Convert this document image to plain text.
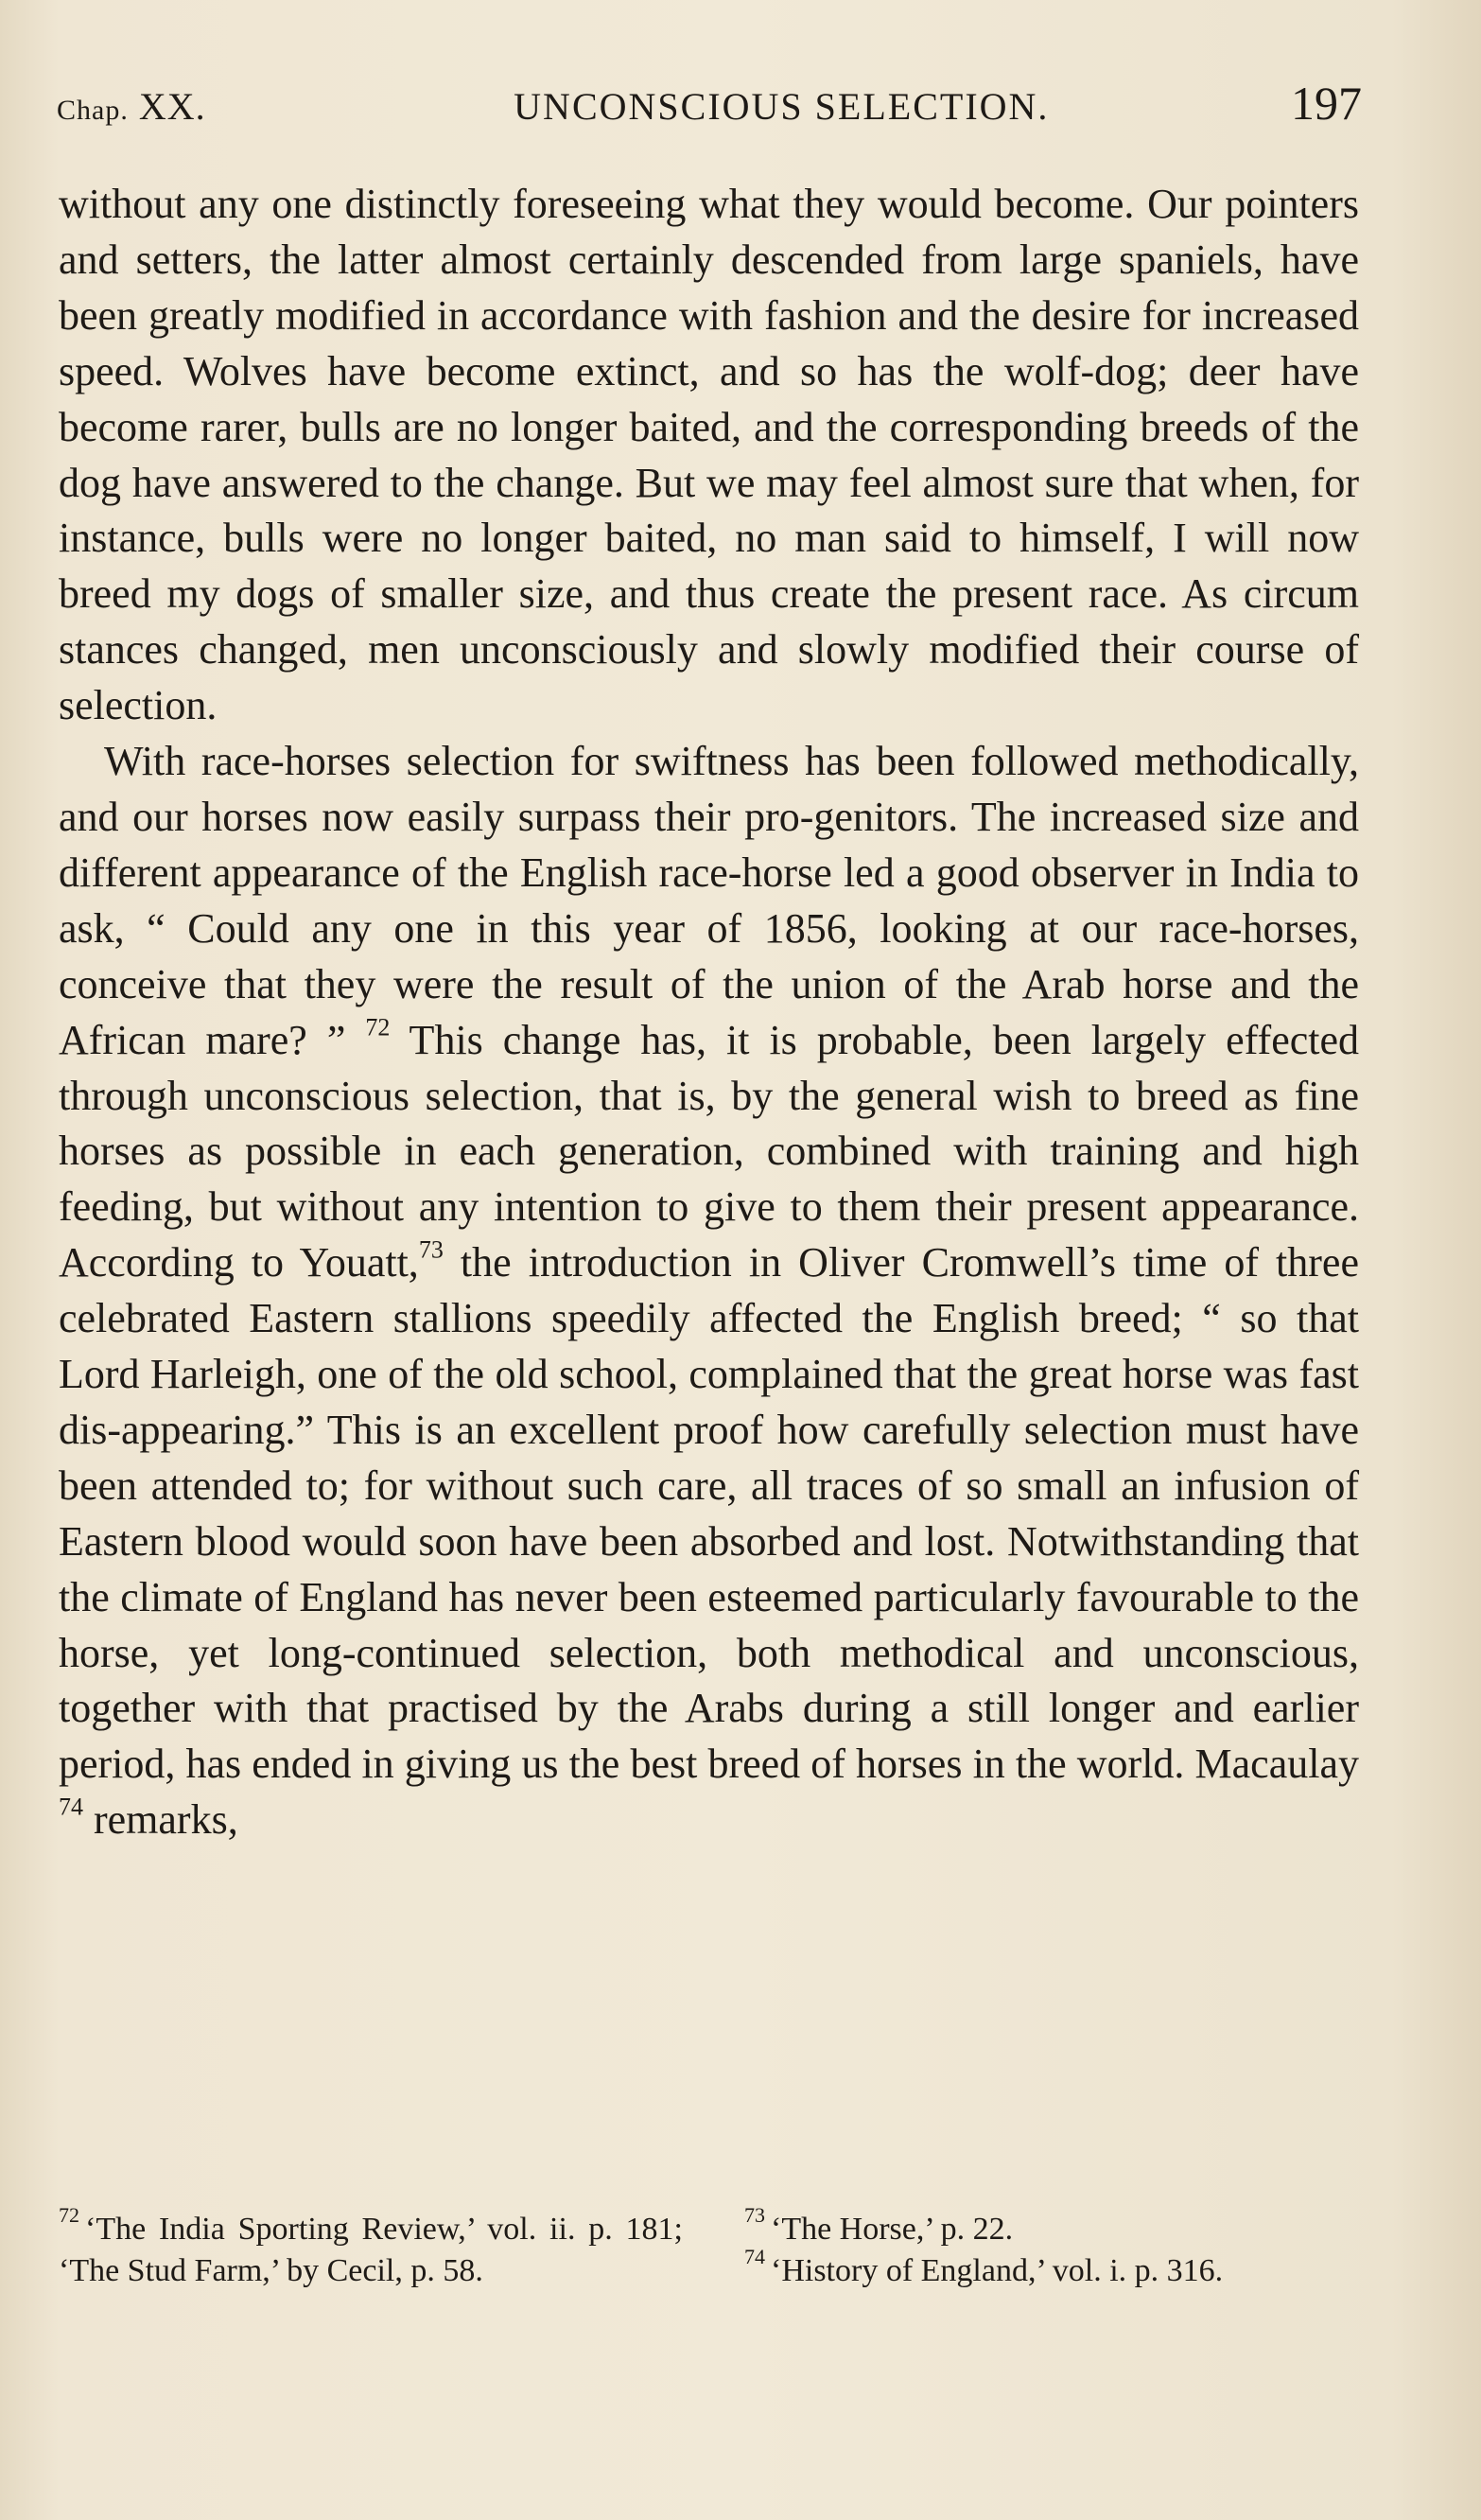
Chap. XX.	UNCONSCIOUS SELECTION.	197

without any one distinctly foreseeing what they would become. Our pointers and setters, the latter almost certainly descended from large spaniels, have been greatly modified in accordance with fashion and the desire for increased speed. Wolves have become extinct, and so has the wolf-dog; deer have become rarer, bulls are no longer baited, and the corresponding breeds of the dog have answered to the change. But we may feel almost sure that when, for instance, bulls were no longer baited, no man said to himself, I will now breed my dogs of smaller size, and thus create the present race. As circum stances changed, men unconsciously and slowly modified their course of selection.

With race-horses selection for swiftness has been followed methodically, and our horses now easily surpass their pro-genitors. The increased size and different appearance of the English race-horse led a good observer in India to ask, “ Could any one in this year of 1856, looking at our race-horses, conceive that they were the result of the union of the Arab horse and the African mare? ” $^{72}$ This change has, it is probable, been largely effected through unconscious selection, that is, by the general wish to breed as fine horses as possible in each generation, combined with training and high feeding, but without any intention to give to them their present appearance. According to Youatt,$^{73}$ the introduction in Oliver Cromwell’s time of three celebrated Eastern stallions speedily affected the English breed; “ so that Lord Harleigh, one of the old school, complained that the great horse was fast dis-appearing.” This is an excellent proof how carefully selection must have been attended to; for without such care, all traces of so small an infusion of Eastern blood would soon have been absorbed and lost. Notwithstanding that the climate of England has never been esteemed particularly favourable to the horse, yet long-continued selection, both methodical and unconscious, together with that practised by the Arabs during a still longer and earlier period, has ended in giving us the best breed of horses in the world. Macaulay $^{74}$ remarks,

$^{72}$ ‘The India Sporting Review,’ vol. ii. p. 181; ‘The Stud Farm,’ by Cecil, p. 58.

$^{73}$ ‘The Horse,’ p. 22.

$^{74}$ ‘History of England,’ vol. i. p. 316.
